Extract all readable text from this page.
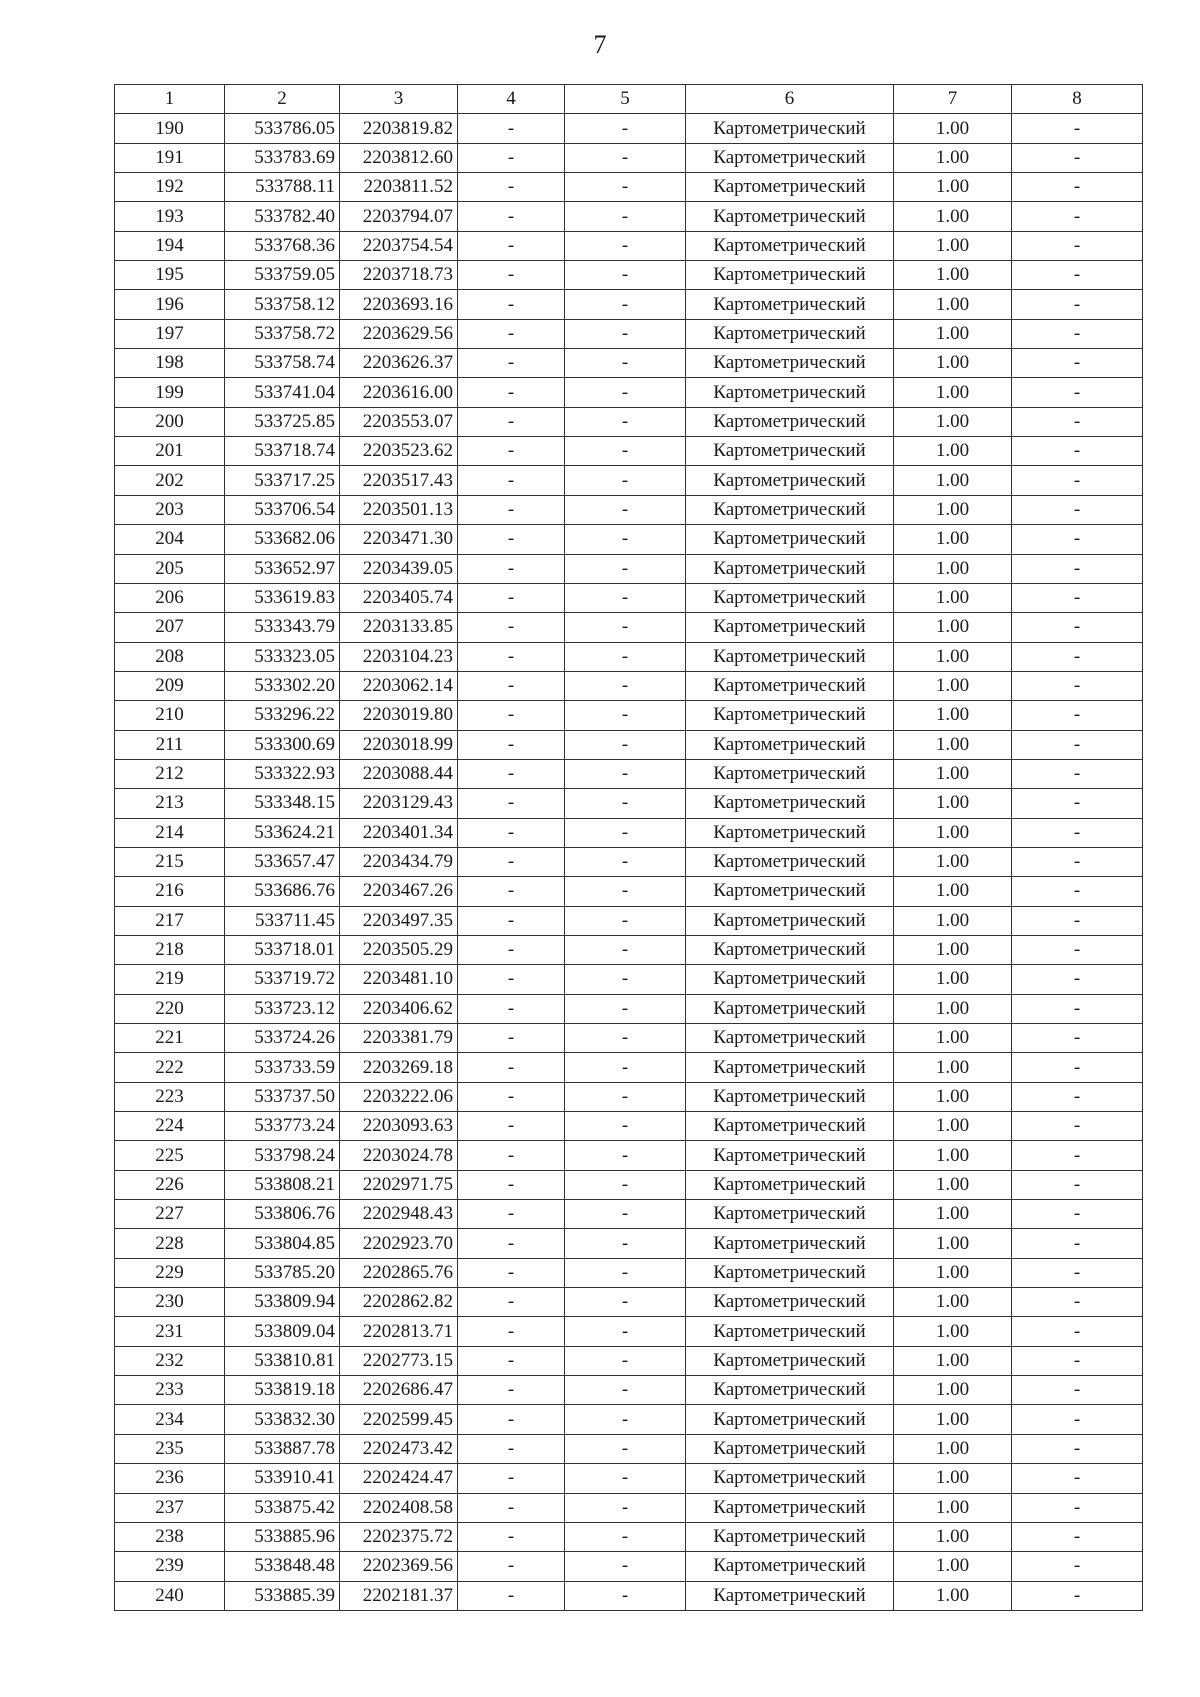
7
1	2	3	4	5	6	7	8
190	533786.05	2203819.82	-	-	Картометрический	1.00	-
191	533783.69	2203812.60	-	-	Картометрический	1.00	-
192	533788.11	2203811.52	-	-	Картометрический	1.00	-
193	533782.40	2203794.07	-	-	Картометрический	1.00	-
194	533768.36	2203754.54	-	-	Картометрический	1.00	-
195	533759.05	2203718.73	-	-	Картометрический	1.00	-
196	533758.12	2203693.16	-	-	Картометрический	1.00	-
197	533758.72	2203629.56	-	-	Картометрический	1.00	-
198	533758.74	2203626.37	-	-	Картометрический	1.00	-
199	533741.04	2203616.00	-	-	Картометрический	1.00	-
200	533725.85	2203553.07	-	-	Картометрический	1.00	-
201	533718.74	2203523.62	-	-	Картометрический	1.00	-
202	533717.25	2203517.43	-	-	Картометрический	1.00	-
203	533706.54	2203501.13	-	-	Картометрический	1.00	-
204	533682.06	2203471.30	-	-	Картометрический	1.00	-
205	533652.97	2203439.05	-	-	Картометрический	1.00	-
206	533619.83	2203405.74	-	-	Картометрический	1.00	-
207	533343.79	2203133.85	-	-	Картометрический	1.00	-
208	533323.05	2203104.23	-	-	Картометрический	1.00	-
209	533302.20	2203062.14	-	-	Картометрический	1.00	-
210	533296.22	2203019.80	-	-	Картометрический	1.00	-
211	533300.69	2203018.99	-	-	Картометрический	1.00	-
212	533322.93	2203088.44	-	-	Картометрический	1.00	-
213	533348.15	2203129.43	-	-	Картометрический	1.00	-
214	533624.21	2203401.34	-	-	Картометрический	1.00	-
215	533657.47	2203434.79	-	-	Картометрический	1.00	-
216	533686.76	2203467.26	-	-	Картометрический	1.00	-
217	533711.45	2203497.35	-	-	Картометрический	1.00	-
218	533718.01	2203505.29	-	-	Картометрический	1.00	-
219	533719.72	2203481.10	-	-	Картометрический	1.00	-
220	533723.12	2203406.62	-	-	Картометрический	1.00	-
221	533724.26	2203381.79	-	-	Картометрический	1.00	-
222	533733.59	2203269.18	-	-	Картометрический	1.00	-
223	533737.50	2203222.06	-	-	Картометрический	1.00	-
224	533773.24	2203093.63	-	-	Картометрический	1.00	-
225	533798.24	2203024.78	-	-	Картометрический	1.00	-
226	533808.21	2202971.75	-	-	Картометрический	1.00	-
227	533806.76	2202948.43	-	-	Картометрический	1.00	-
228	533804.85	2202923.70	-	-	Картометрический	1.00	-
229	533785.20	2202865.76	-	-	Картометрический	1.00	-
230	533809.94	2202862.82	-	-	Картометрический	1.00	-
231	533809.04	2202813.71	-	-	Картометрический	1.00	-
232	533810.81	2202773.15	-	-	Картометрический	1.00	-
233	533819.18	2202686.47	-	-	Картометрический	1.00	-
234	533832.30	2202599.45	-	-	Картометрический	1.00	-
235	533887.78	2202473.42	-	-	Картометрический	1.00	-
236	533910.41	2202424.47	-	-	Картометрический	1.00	-
237	533875.42	2202408.58	-	-	Картометрический	1.00	-
238	533885.96	2202375.72	-	-	Картометрический	1.00	-
239	533848.48	2202369.56	-	-	Картометрический	1.00	-
240	533885.39	2202181.37	-	-	Картометрический	1.00	-
